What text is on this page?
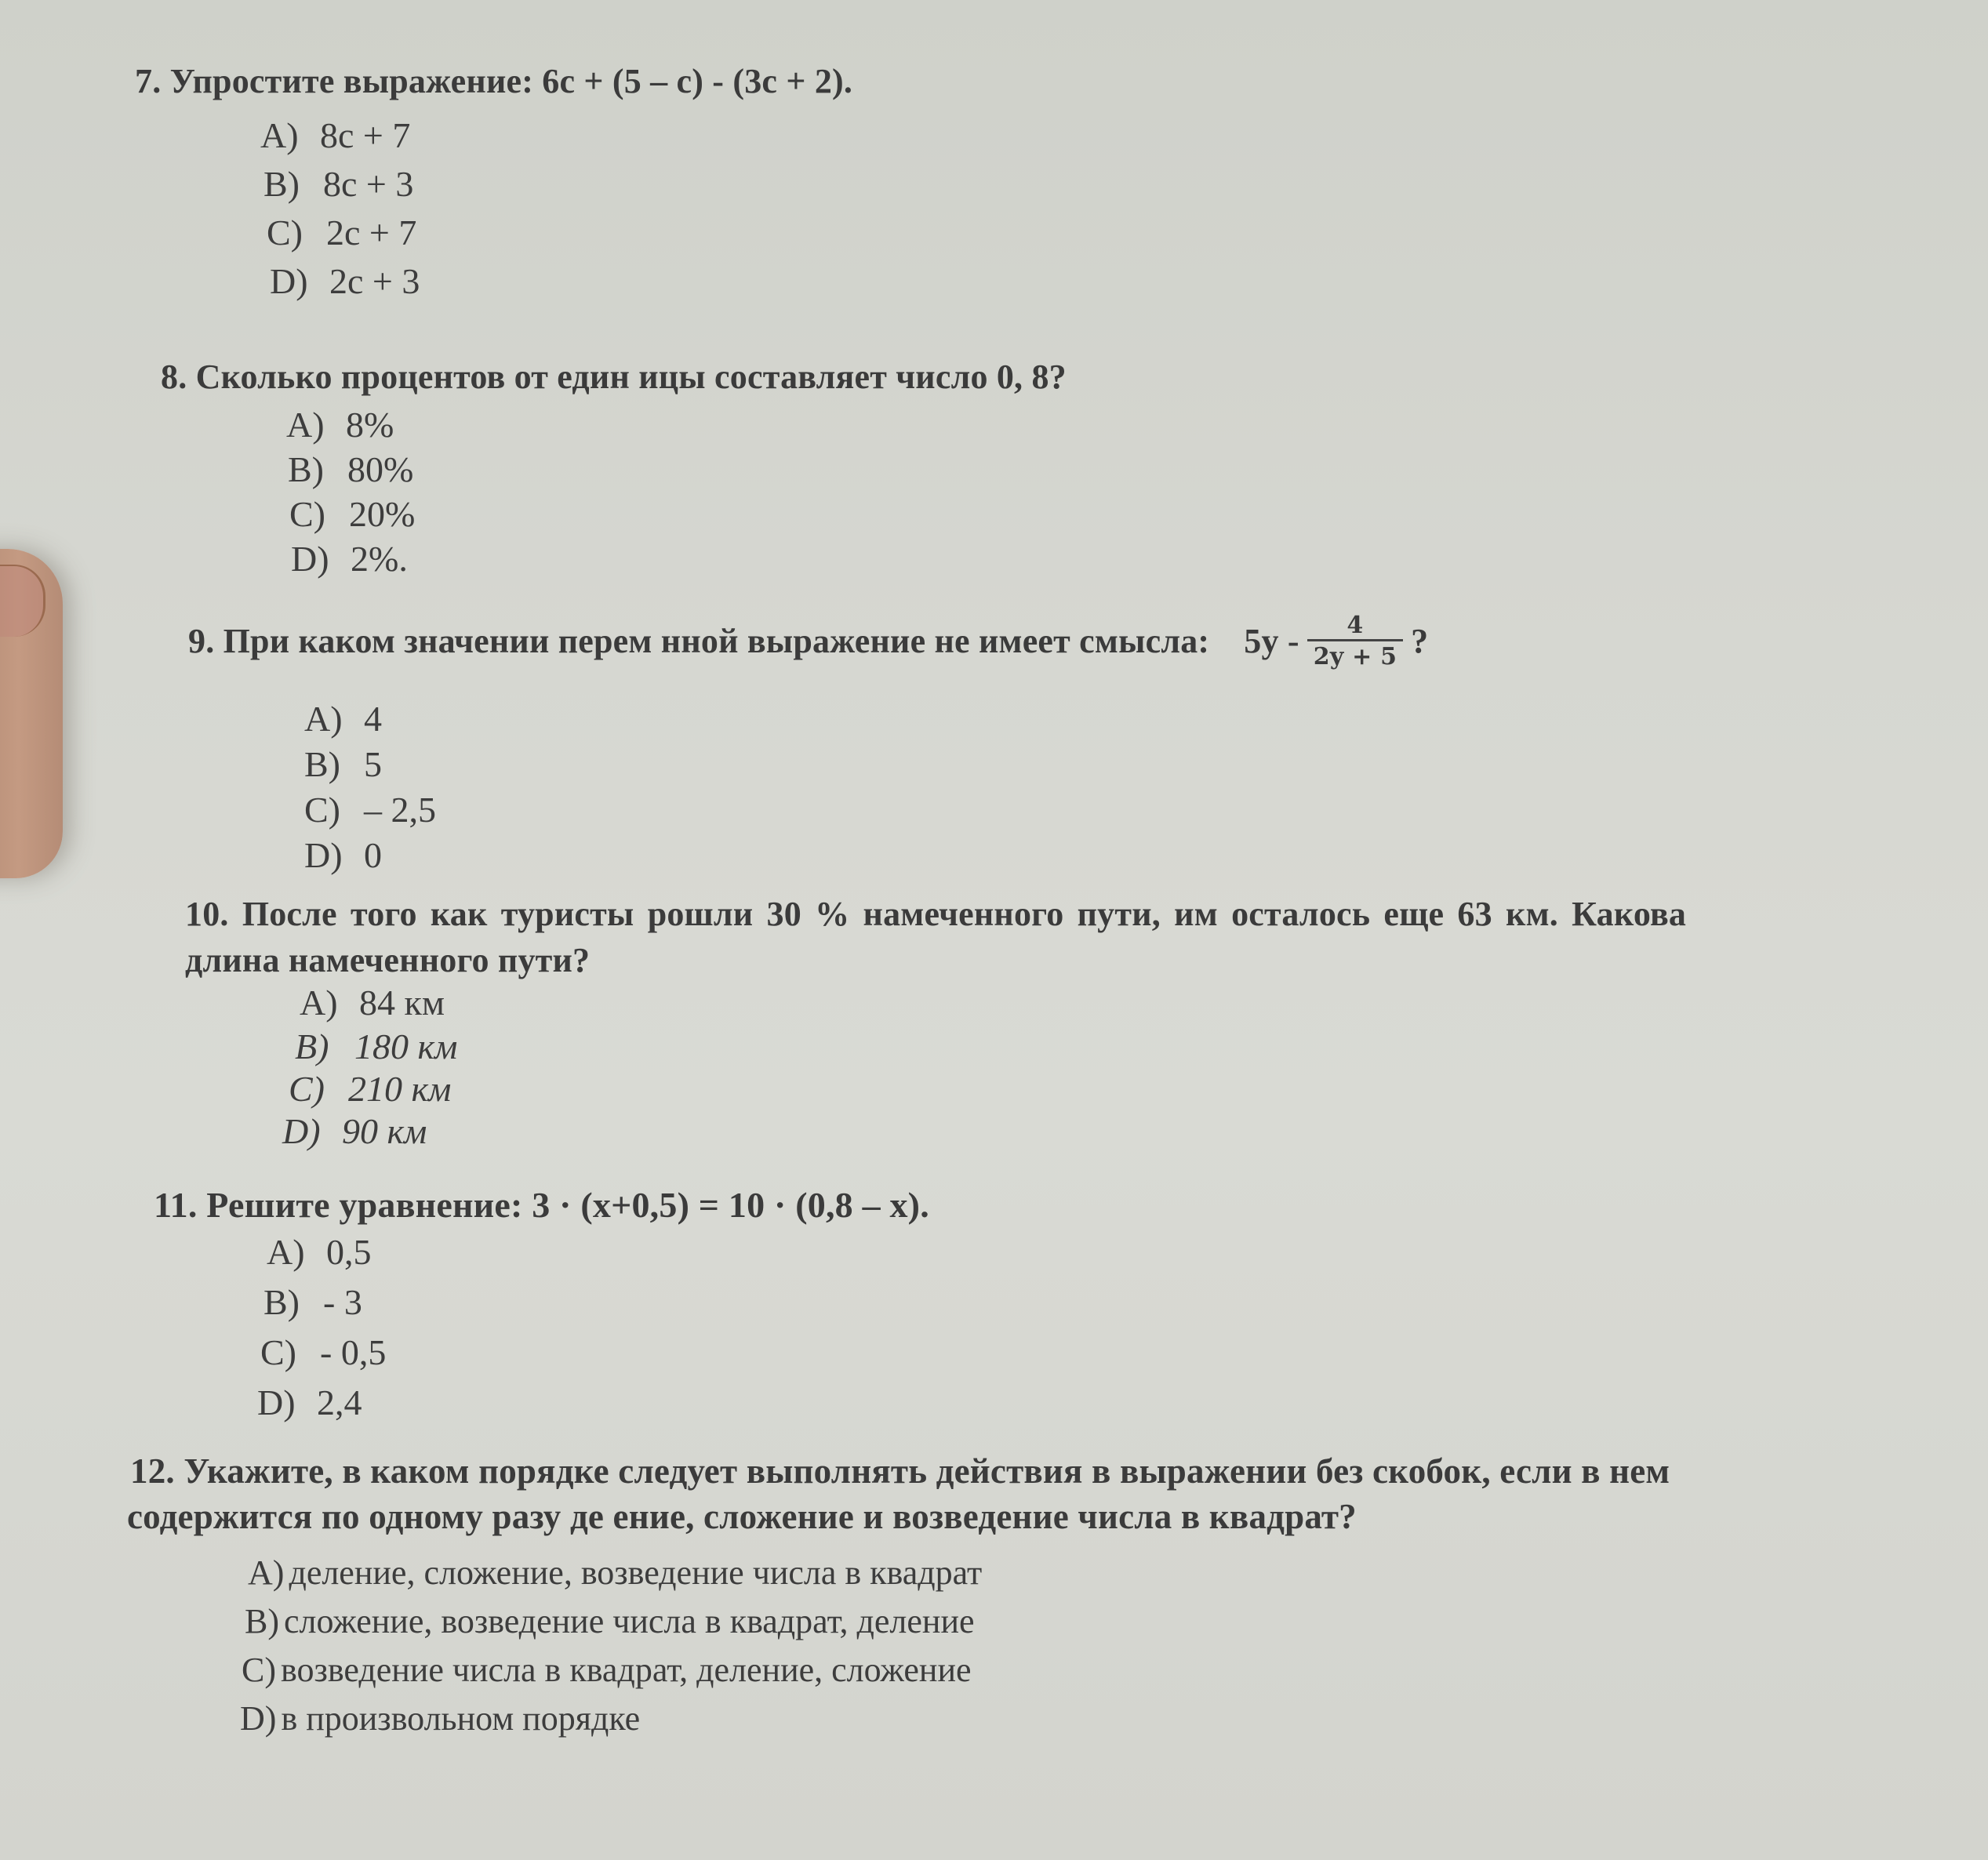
7. Упростите выражение: 6с + (5 – с) - (3с + 2).
A) 8с + 7
B) 8с + 3
C) 2с + 7
D) 2с + 3
8. Сколько процентов от един ицы составляет число 0, 8?
A) 8%
B) 80%
C) 20%
D) 2%.
9.
При каком значении перем нной выражение не имеет смысла: $5y - \frac{4}{2y + 5}$ ?
A) 4
B) 5
C) – 2,5
D) 0
10. После того как туристы рошли 30 % намеченного пути, им осталось еще 63 км. Какова
длина намеченного пути?
A) 84 км
B) 180 км
C) 210 км
D) 90 км
11. Решите уравнение: 3 · (x+0,5) = 10 · (0,8 – x).
A) 0,5
B) - 3
C) - 0,5
D) 2,4
12. Укажите, в каком порядке следует выполнять действия в выражении без скобок, если в нем
содержится по одному разу де ение, сложение и возведение числа в квадрат?
A) деление, сложение, возведение числа в квадрат
B) сложение, возведение числа в квадрат, деление
C) возведение числа в квадрат, деление, сложение
D) в произвольном порядке
